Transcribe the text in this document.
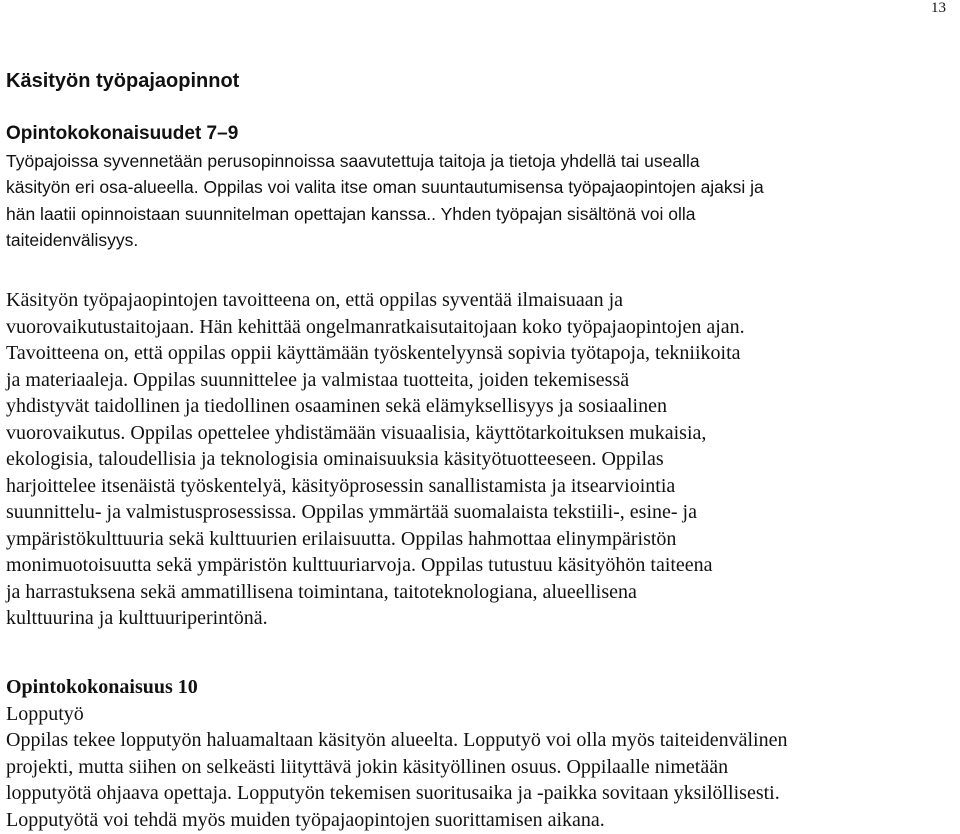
13
Käsityön työpajaopinnot

Opintokokonaisuudet 7–9

Työpajoissa syvennetään perusopinnoissa saavutettuja taitoja ja tietoja yhdellä tai usealla

käsityön eri osa-alueella. Oppilas voi valita itse oman suuntautumisensa työpajaopintojen ajaksi ja

hän laatii opinnoistaan suunnitelman opettajan kanssa.. Yhden työpajan sisältönä voi olla

taiteidenvälisyys.

Käsityön työpajaopintojen tavoitteena on, että oppilas syventää ilmaisuaan ja

vuorovaikutustaitojaan. Hän kehittää ongelmanratkaisutaitojaan koko työpajaopintojen ajan.

Tavoitteena on, että oppilas oppii käyttämään työskentelyynsä sopivia työtapoja, tekniikoita

ja materiaaleja. Oppilas suunnittelee ja valmistaa tuotteita, joiden tekemisessä

yhdistyvät taidollinen ja tiedollinen osaaminen sekä elämyksellisyys ja sosiaalinen

vuorovaikutus. Oppilas opettelee yhdistämään visuaalisia, käyttötarkoituksen mukaisia,

ekologisia, taloudellisia ja teknologisia ominaisuuksia käsityötuotteeseen. Oppilas

harjoittelee itsenäistä työskentelyä, käsityöprosessin sanallistamista ja itsearviointia

suunnittelu- ja valmistusprosessissa. Oppilas ymmärtää suomalaista tekstiili-, esine- ja

ympäristökulttuuria sekä kulttuurien erilaisuutta. Oppilas hahmottaa elinympäristön

monimuotoisuutta sekä ympäristön kulttuuriarvoja. Oppilas tutustuu käsityöhön taiteena

ja harrastuksena sekä ammatillisena toimintana, taitoteknologiana, alueellisena

kulttuurina ja kulttuuriperintönä.

Opintokokonaisuus 10

Lopputyö

Oppilas tekee lopputyön haluamaltaan käsityön alueelta. Lopputyö voi olla myös taiteidenvälinen

projekti, mutta siihen on selkeästi liityttävä jokin käsityöllinen osuus. Oppilaalle nimetään

lopputyötä ohjaava opettaja. Lopputyön tekemisen suoritusaika ja -paikka sovitaan yksilöllisesti.

Lopputyötä voi tehdä myös muiden työpajaopintojen suorittamisen aikana.
